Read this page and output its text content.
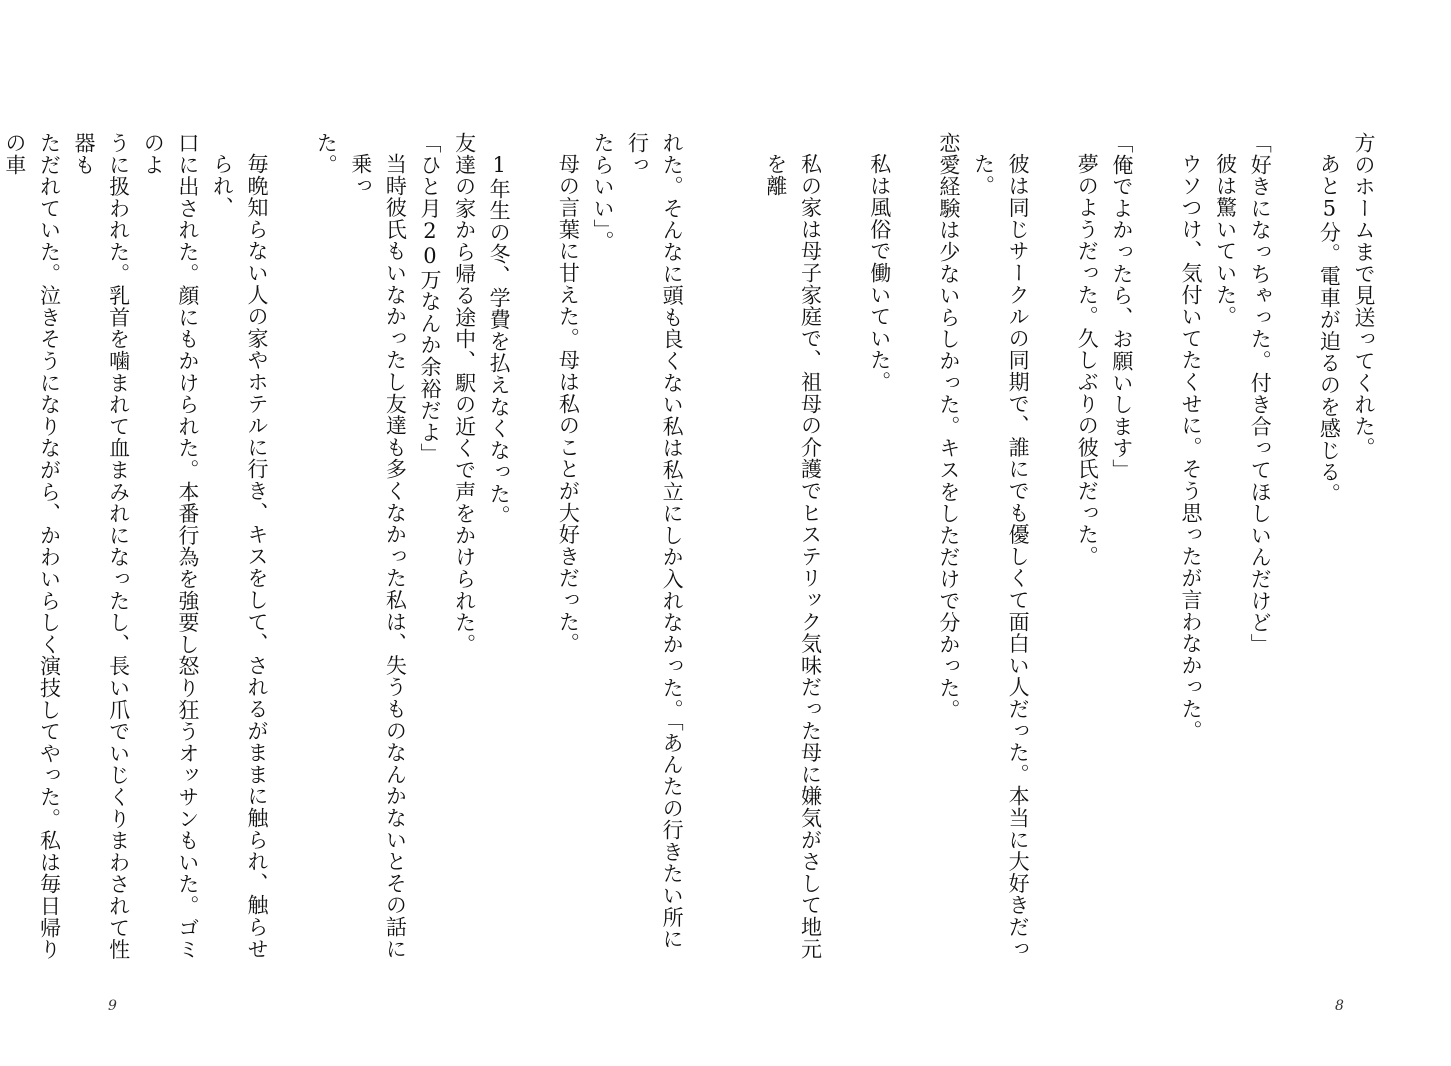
方のホームまで見送ってくれた。
あと5分。電車が迫るのを感じる。
「好きになっちゃった。付き合ってほしいんだけど」
彼は驚いていた。
ウソつけ、気付いてたくせに。そう思ったが言わなかった。
「俺でよかったら、お願いします」
夢のようだった。久しぶりの彼氏だった。
彼は同じサークルの同期で、誰にでも優しくて面白い人だった。本当に大好きだった。
恋愛経験は少ないらしかった。キスをしただけで分かった。
私は風俗で働いていた。
私の家は母子家庭で、祖母の介護でヒステリック気味だった母に嫌気がさして地元を離
れた。そんなに頭も良くない私は私立にしか入れなかった。「あんたの行きたい所に行っ
たらいい」。
母の言葉に甘えた。母は私のことが大好きだった。
1年生の冬、学費を払えなくなった。
友達の家から帰る途中、駅の近くで声をかけられた。
「ひと月20万なんか余裕だよ」
当時彼氏もいなかったし友達も多くなかった私は、失うものなんかないとその話に乗っ
た。
毎晩知らない人の家やホテルに行き、キスをして、されるがままに触られ、触らせられ、
口に出された。顔にもかけられた。本番行為を強要し怒り狂うオッサンもいた。ゴミのよ
うに扱われた。乳首を噛まれて血まみれになったし、長い爪でいじくりまわされて性器も
ただれていた。泣きそうになりながら、かわいらしく演技してやった。私は毎日帰りの車
8
9
